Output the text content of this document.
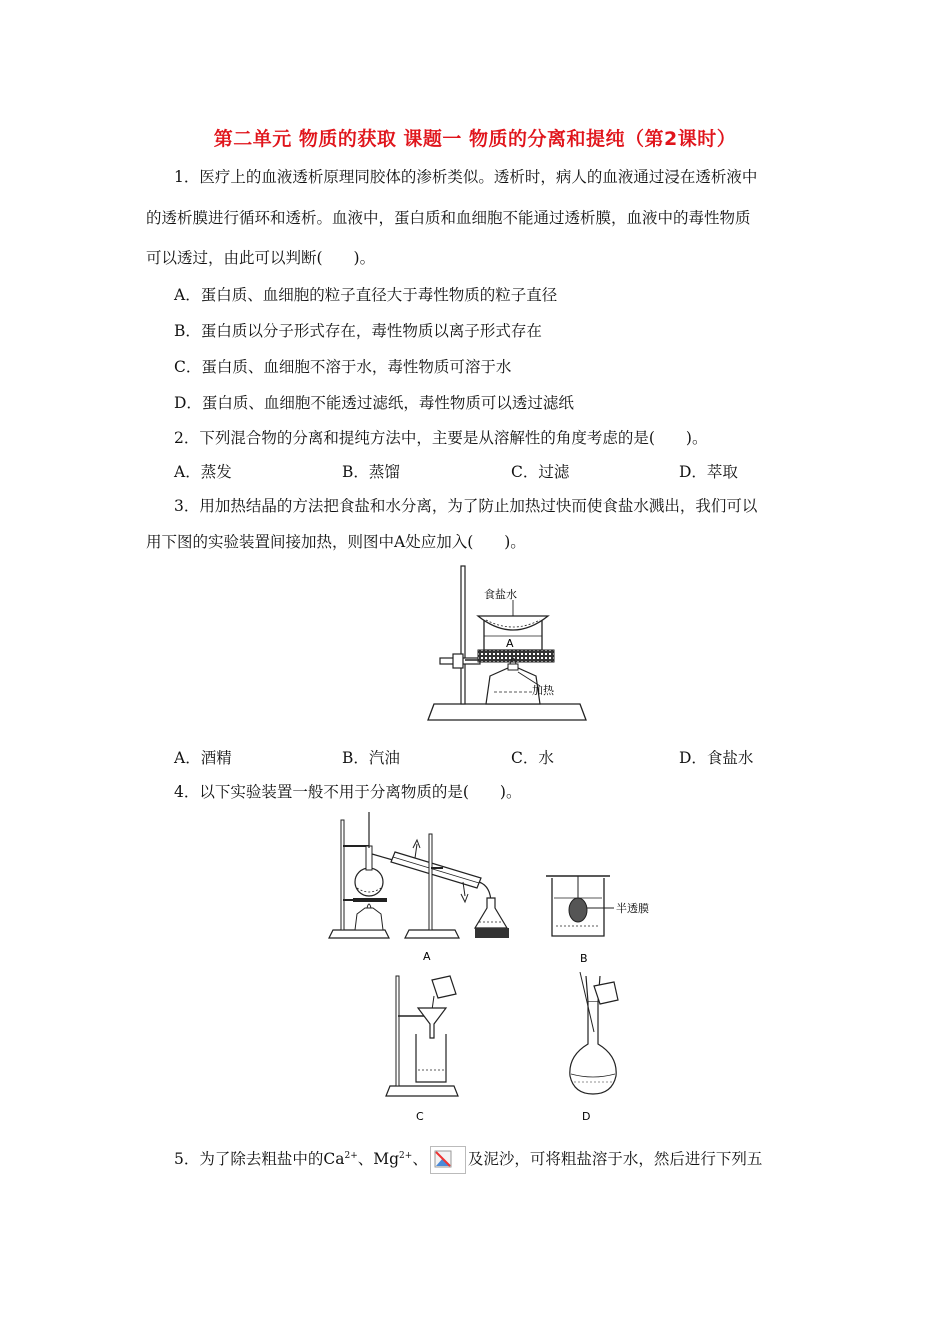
第二单元 物质的获取 课题一 物质的分离和提纯（第2课时）
1．医疗上的血液透析原理同胶体的渗析类似。透析时，病人的血液通过浸在透析液中
的透析膜进行循环和透析。血液中，蛋白质和血细胞不能通过透析膜，血液中的毒性物质
可以透过，由此可以判断(　　)。
A．蛋白质、血细胞的粒子直径大于毒性物质的粒子直径
B．蛋白质以分子形式存在，毒性物质以离子形式存在
C．蛋白质、血细胞不溶于水，毒性物质可溶于水
D．蛋白质、血细胞不能透过滤纸，毒性物质可以透过滤纸
2．下列混合物的分离和提纯方法中，主要是从溶解性的角度考虑的是(　　)。
A．蒸发	B．蒸馏	C．过滤	D．萃取
3．用加热结晶的方法把食盐和水分离，为了防止加热过快而使食盐水溅出，我们可以
用下图的实验装置间接加热，则图中A处应加入(　　)。
A
食盐水
加热
A．酒精	B．汽油	C．水	D．食盐水
4．以下实验装置一般不用于分离物质的是(　　)。
A
半透膜
B
C	D
5．为了除去粗盐中的$Ca^{2+}$、$Mg^{2+}$、	及泥沙，可将粗盐溶于水，然后进行下列五
